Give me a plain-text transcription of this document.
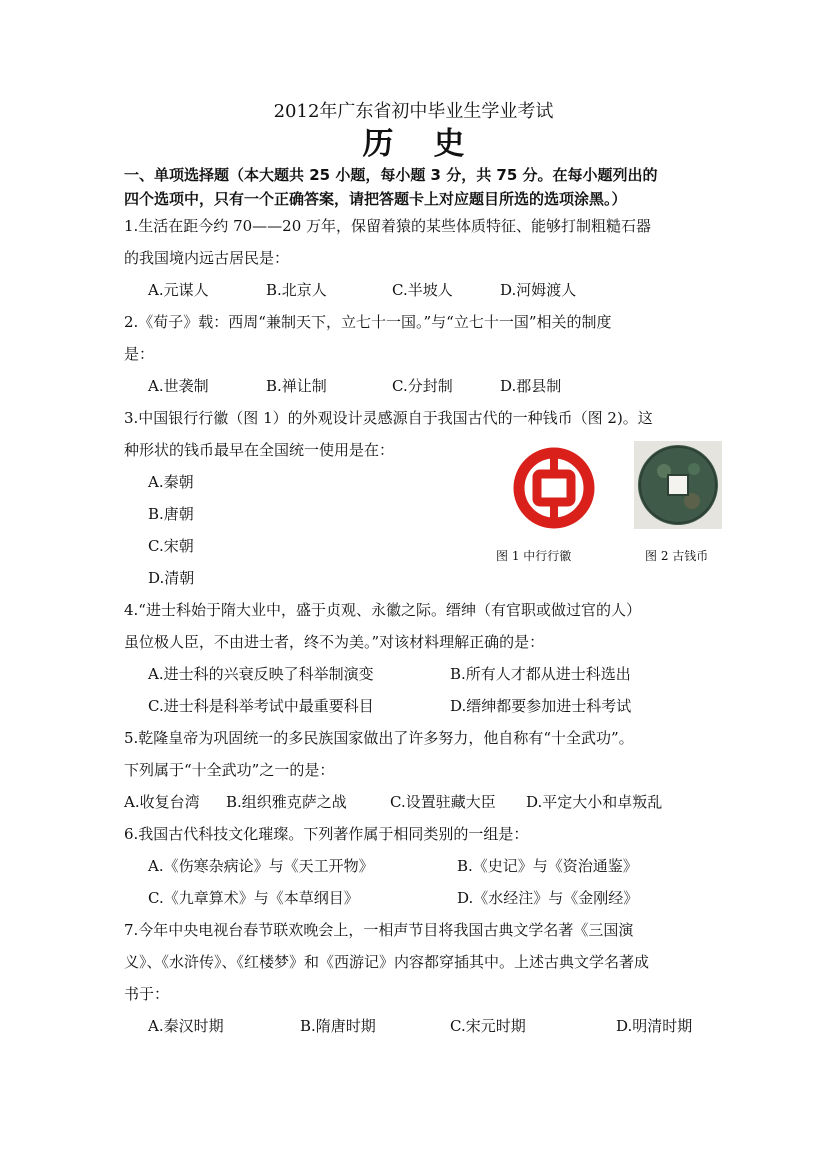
2012年广东省初中毕业生学业考试
历史
一、单项选择题（本大题共 25 小题，每小题 3 分，共 75 分。在每小题列出的
四个选项中，只有一个正确答案，请把答题卡上对应题目所选的选项涂黑。）
1.生活在距今约 70——20 万年，保留着猿的某些体质特征、能够打制粗糙石器
的我国境内远古居民是：
A.元谋人	B.北京人	C.半坡人	D.河姆渡人
2.《荀子》载：西周“兼制天下，立七十一国。”与“立七十一国”相关的制度
是：
A.世袭制	B.禅让制	C.分封制	D.郡县制
3.中国银行行徽（图 1）的外观设计灵感源自于我国古代的一种钱币（图 2)。这
种形状的钱币最早在全国统一使用是在：
A.秦朝
B.唐朝
C.宋朝
D.清朝
图 1 中行行徽	图 2 古钱币
4.“进士科始于隋大业中，盛于贞观、永徽之际。缙绅（有官职或做过官的人）
虽位极人臣，不由进士者，终不为美。”对该材料理解正确的是：
A.进士科的兴衰反映了科举制演变	B.所有人才都从进士科选出
C.进士科是科举考试中最重要科目	D.缙绅都要参加进士科考试
5.乾隆皇帝为巩固统一的多民族国家做出了许多努力，他自称有“十全武功”。
下列属于“十全武功”之一的是：
A.收复台湾 B.组织雅克萨之战	C.设置驻藏大臣 D.平定大小和卓叛乱
6.我国古代科技文化璀璨。下列著作属于相同类别的一组是：
A.《伤寒杂病论》与《天工开物》	B.《史记》与《资治通鉴》
C.《九章算术》与《本草纲目》	D.《水经注》与《金刚经》
7.今年中央电视台春节联欢晚会上，一相声节目将我国古典文学名著《三国演
义》、《水浒传》、《红楼梦》和《西游记》内容都穿插其中。上述古典文学名著成
书于：
A.秦汉时期	B.隋唐时期	C.宋元时期	D.明清时期
